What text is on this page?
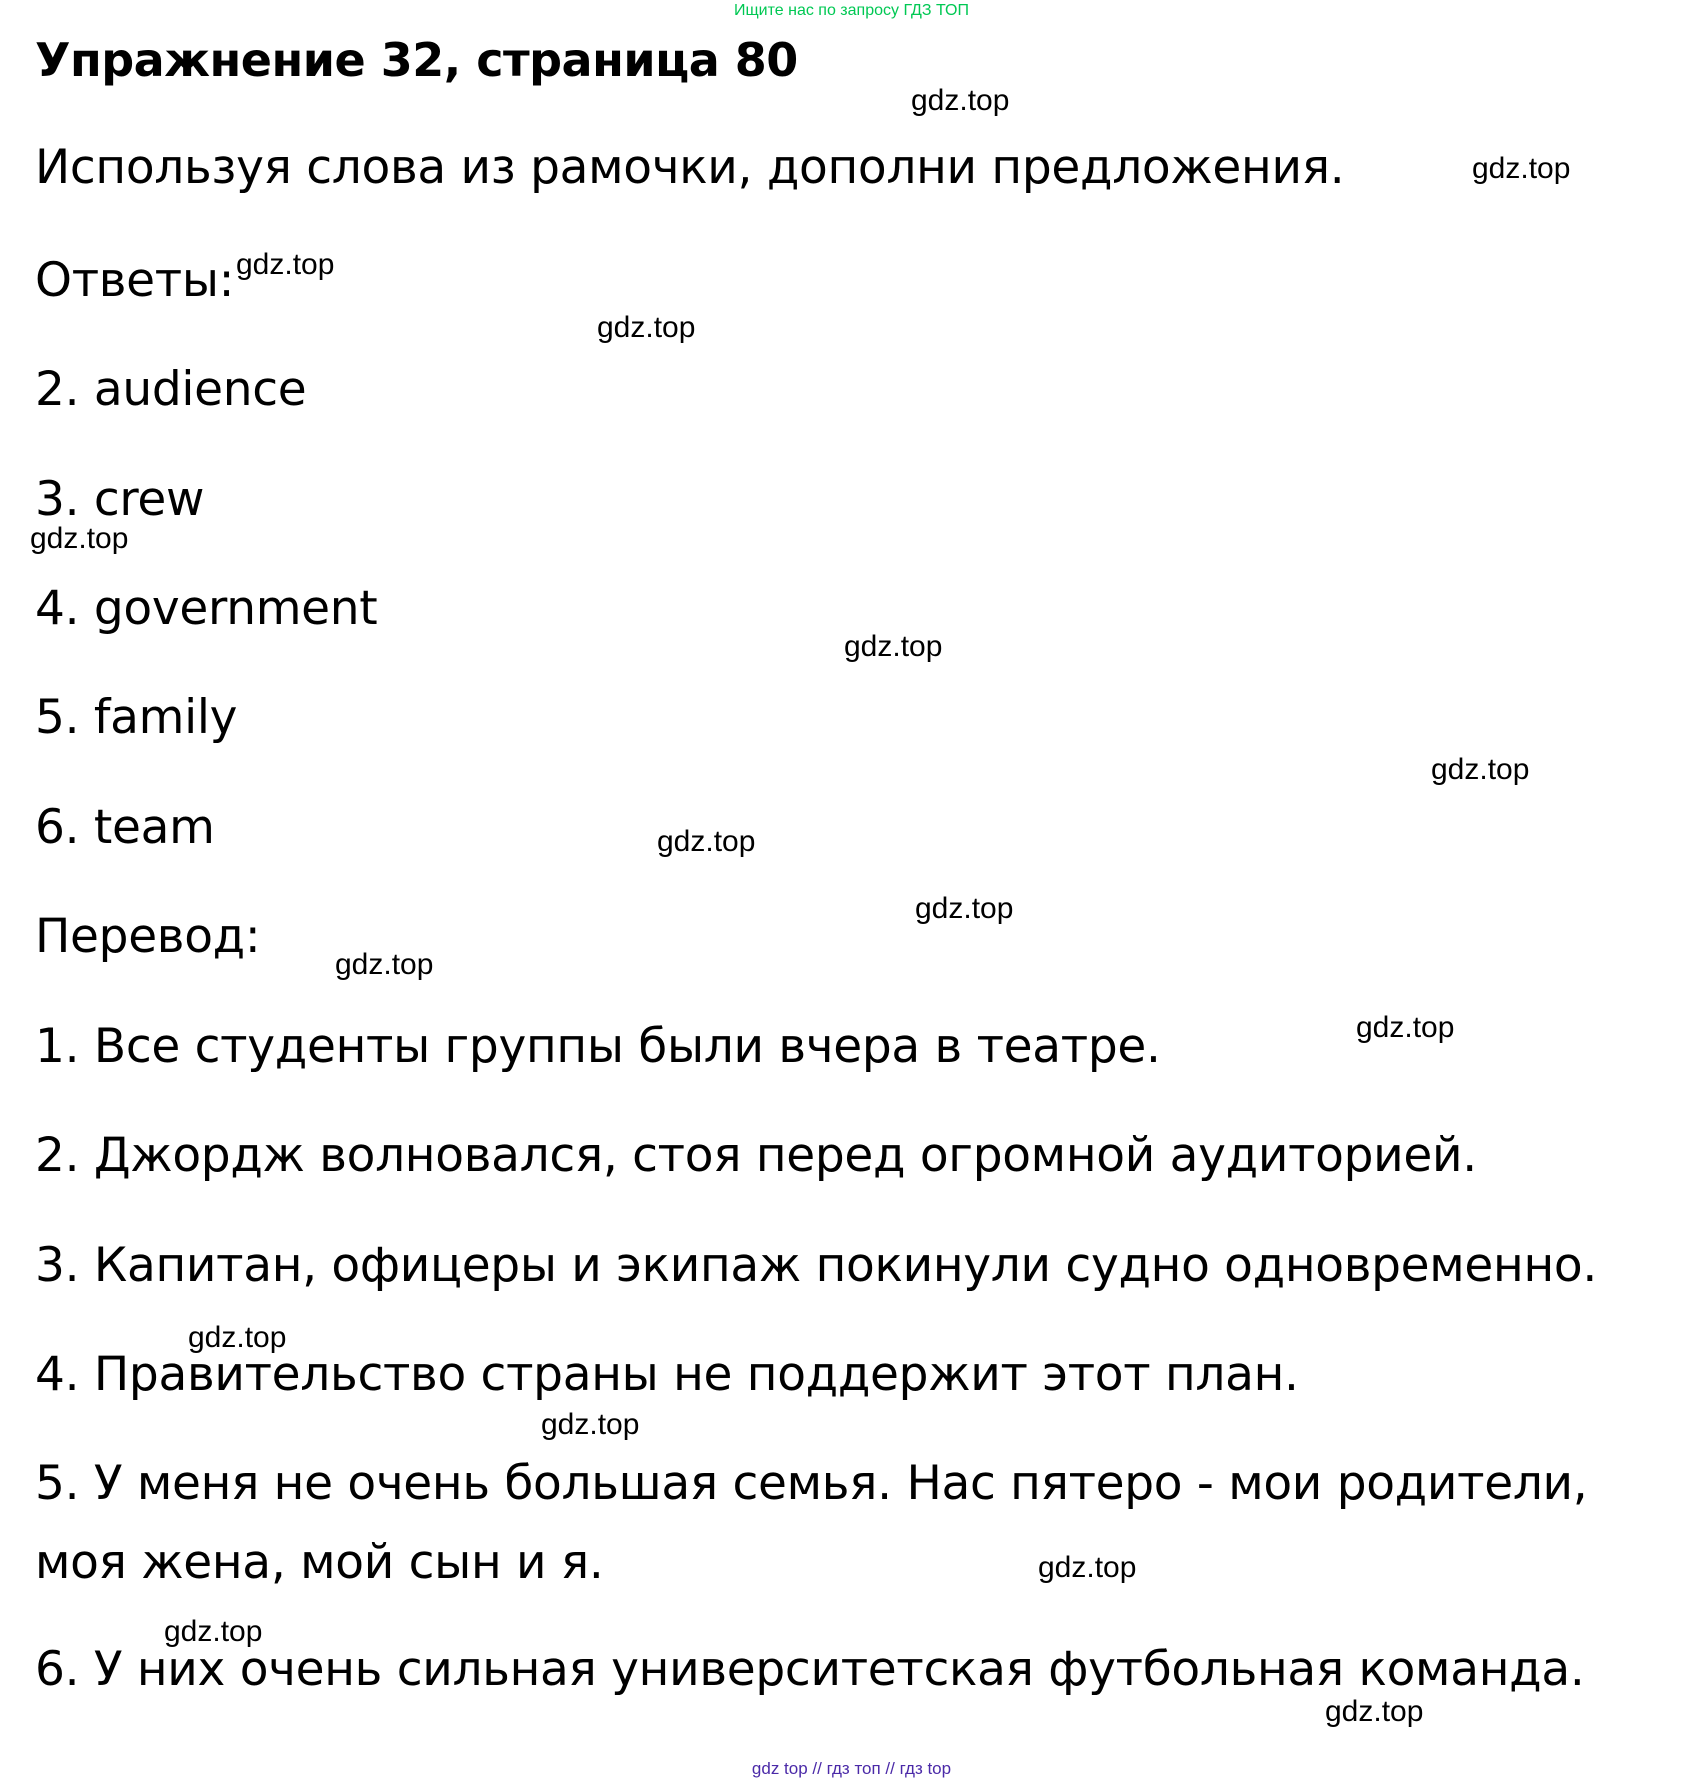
Ищите нас по запросу ГДЗ ТОП
Упражнение 32, страница 80
Используя слова из рамочки, дополни предложения.
Ответы:
2. audience
3. crew
4. government
5. family
6. team
Перевод:
1. Все студенты группы были вчера в театре.
2. Джордж волновался, стоя перед огромной аудиторией.
3. Капитан, офицеры и экипаж покинули судно одновременно.
4. Правительство страны не поддержит этот план.
5. У меня не очень большая семья. Нас пятеро - мои родители,
моя жена, мой сын и я.
6. У них очень сильная университетская футбольная команда.
gdz.top
gdz.top
gdz.top
gdz.top
gdz.top
gdz.top
gdz.top
gdz.top
gdz.top
gdz.top
gdz.top
gdz.top
gdz.top
gdz.top
gdz.top
gdz.top
gdz top // гдз топ // гдз top
